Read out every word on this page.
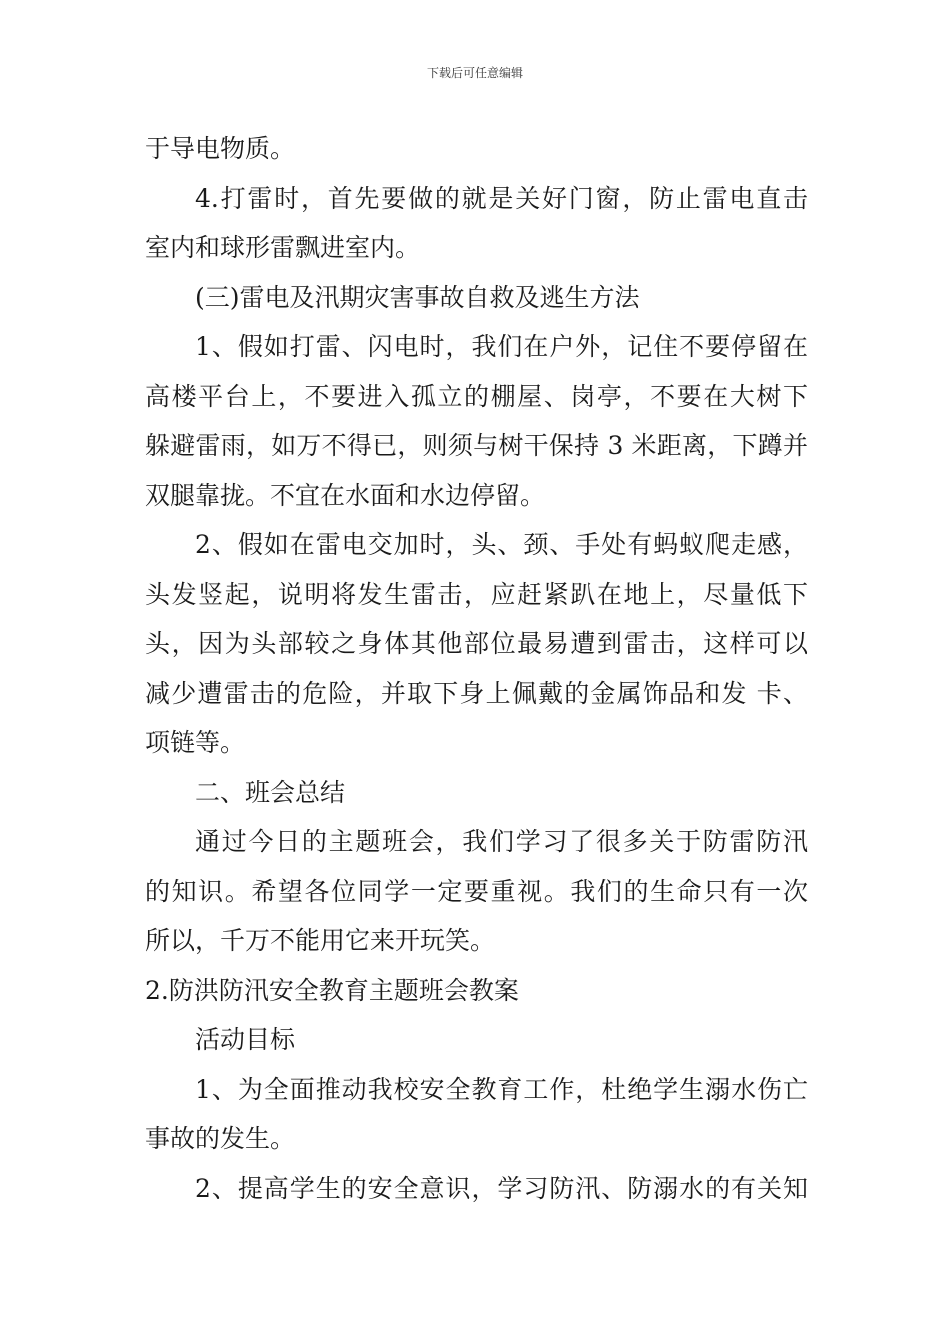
下载后可任意编辑
于导电物质。
4.打雷时，首先要做的就是关好门窗，防止雷电直击
室内和球形雷飘进室内。
(三)雷电及汛期灾害事故自救及逃生方法
1、假如打雷、闪电时，我们在户外，记住不要停留在
高楼平台上，不要进入孤立的棚屋、岗亭，不要在大树下
躲避雷雨，如万不得已，则须与树干保持 3 米距离，下蹲并
双腿靠拢。不宜在水面和水边停留。
2、假如在雷电交加时，头、颈、手处有蚂蚁爬走感，
头发竖起，说明将发生雷击，应赶紧趴在地上，尽量低下
头，因为头部较之身体其他部位最易遭到雷击，这样可以
减少遭雷击的危险，并取下身上佩戴的金属饰品和发 卡、
项链等。
二、班会总结
通过今日的主题班会，我们学习了很多关于防雷防汛
的知识。希望各位同学一定要重视。我们的生命只有一次
所以，千万不能用它来开玩笑。
2.防洪防汛安全教育主题班会教案
活动目标
1、为全面推动我校安全教育工作，杜绝学生溺水伤亡
事故的发生。
2、提高学生的安全意识，学习防汛、防溺水的有关知
